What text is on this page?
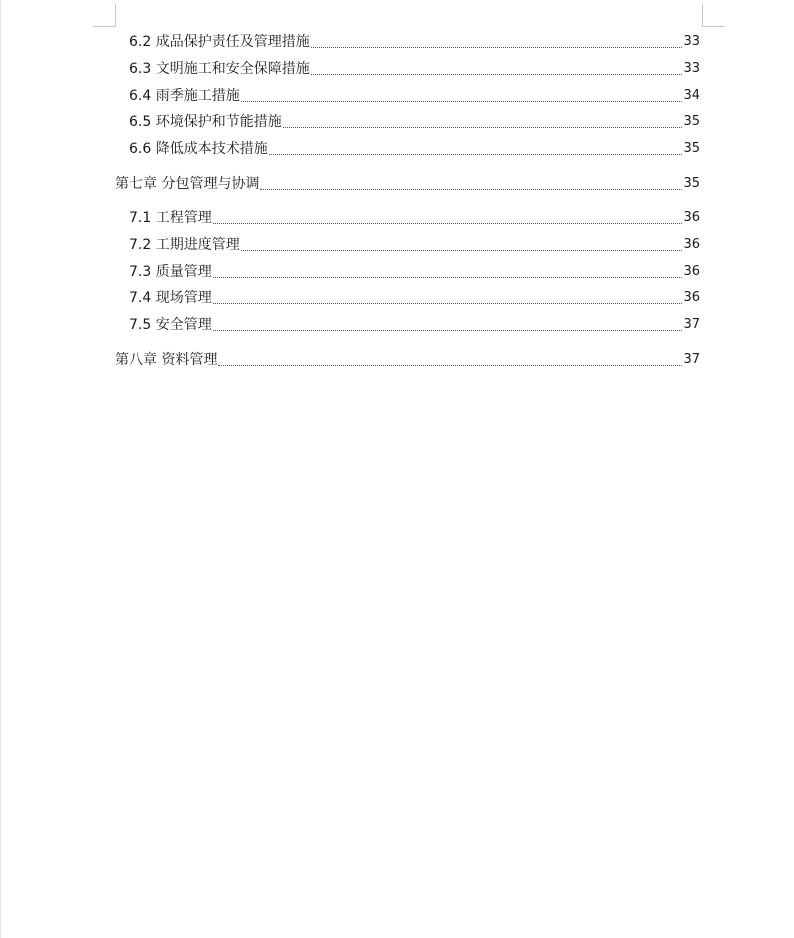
6.2 成品保护责任及管理措施	33
6.3 文明施工和安全保障措施	33
6.4 雨季施工措施	34
6.5 环境保护和节能措施	35
6.6 降低成本技术措施	35
第七章 分包管理与协调	35
7.1 工程管理	36
7.2 工期进度管理	36
7.3 质量管理	36
7.4 现场管理	36
7.5 安全管理	37
第八章 资料管理	37
